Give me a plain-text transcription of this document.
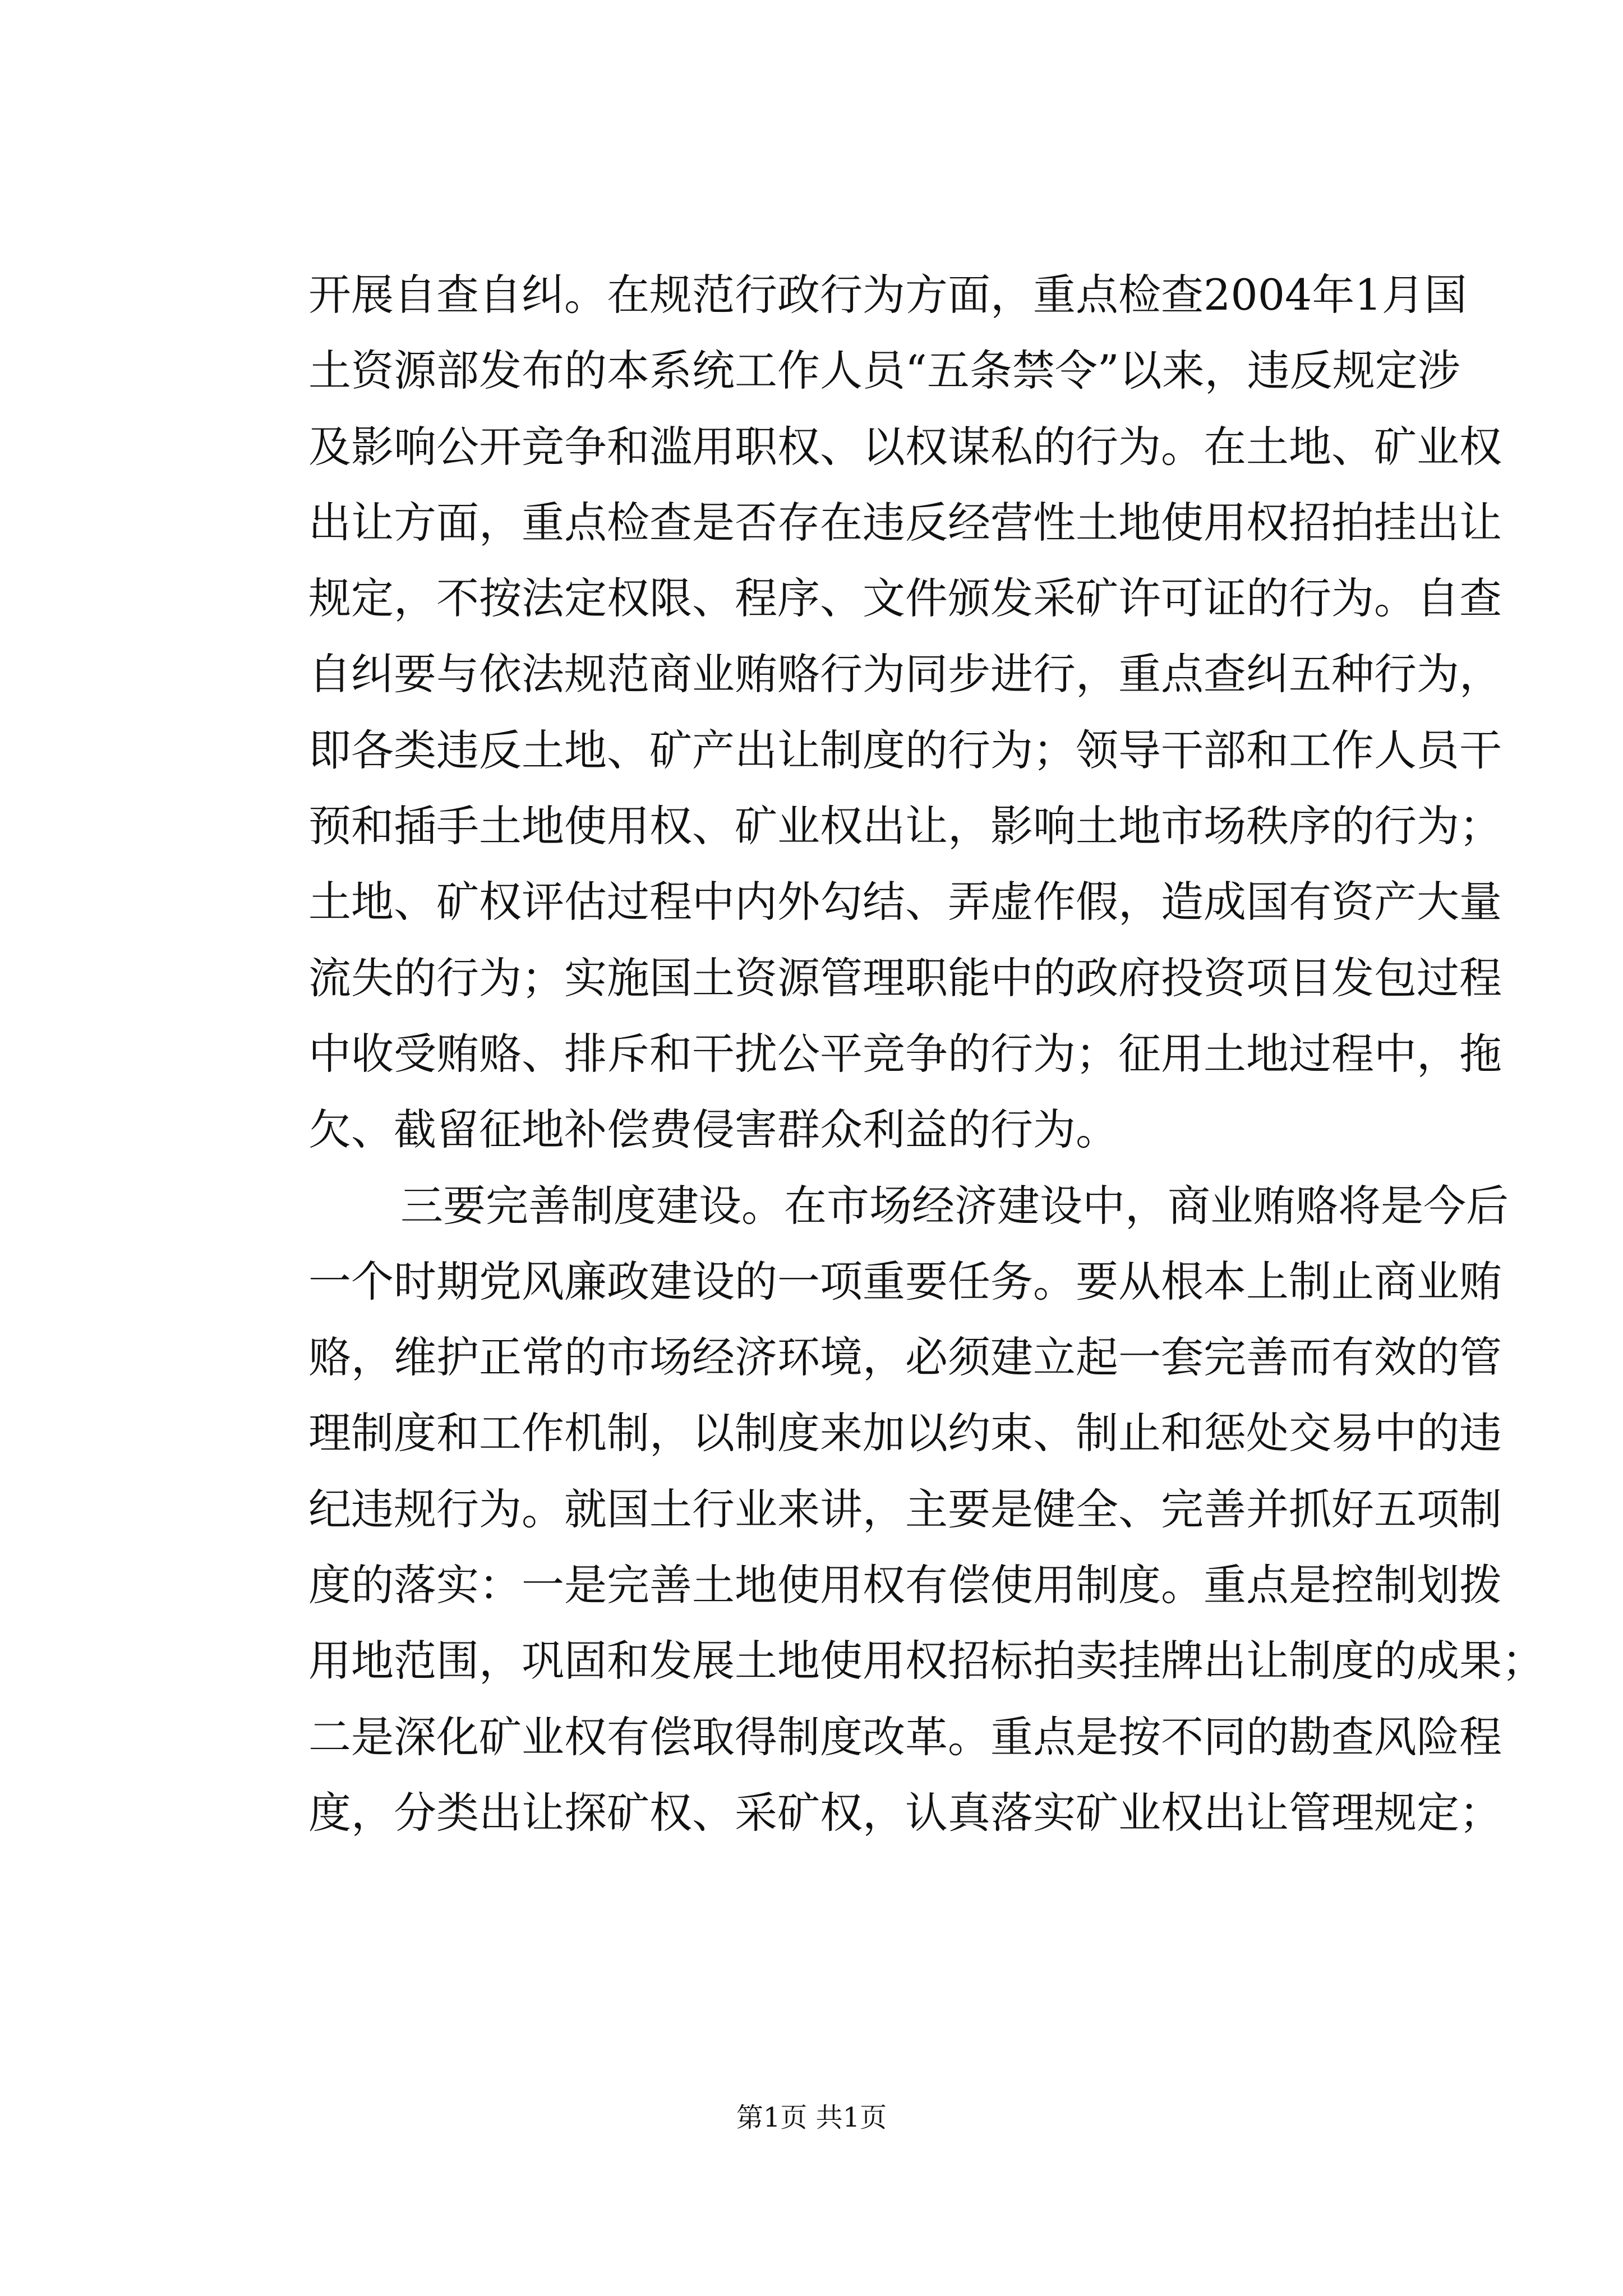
开展自查自纠。在规范行政行为方面，重点检查2004年1月国
土资源部发布的本系统工作人员“五条禁令”以来，违反规定涉
及影响公开竞争和滥用职权、以权谋私的行为。在土地、矿业权
出让方面，重点检查是否存在违反经营性土地使用权招拍挂出让
规定，不按法定权限、程序、文件颁发采矿许可证的行为。自查
自纠要与依法规范商业贿赂行为同步进行，重点查纠五种行为，
即各类违反土地、矿产出让制度的行为；领导干部和工作人员干
预和插手土地使用权、矿业权出让，影响土地市场秩序的行为；
土地、矿权评估过程中内外勾结、弄虚作假，造成国有资产大量
流失的行为；实施国土资源管理职能中的政府投资项目发包过程
中收受贿赂、排斥和干扰公平竞争的行为；征用土地过程中，拖
欠、截留征地补偿费侵害群众利益的行为。
三要完善制度建设。在市场经济建设中，商业贿赂将是今后
一个时期党风廉政建设的一项重要任务。要从根本上制止商业贿
赂，维护正常的市场经济环境，必须建立起一套完善而有效的管
理制度和工作机制，以制度来加以约束、制止和惩处交易中的违
纪违规行为。就国土行业来讲，主要是健全、完善并抓好五项制
度的落实：一是完善土地使用权有偿使用制度。重点是控制划拨
用地范围，巩固和发展土地使用权招标拍卖挂牌出让制度的成果；
二是深化矿业权有偿取得制度改革。重点是按不同的勘查风险程
度，分类出让探矿权、采矿权，认真落实矿业权出让管理规定；
第1页 共1页
